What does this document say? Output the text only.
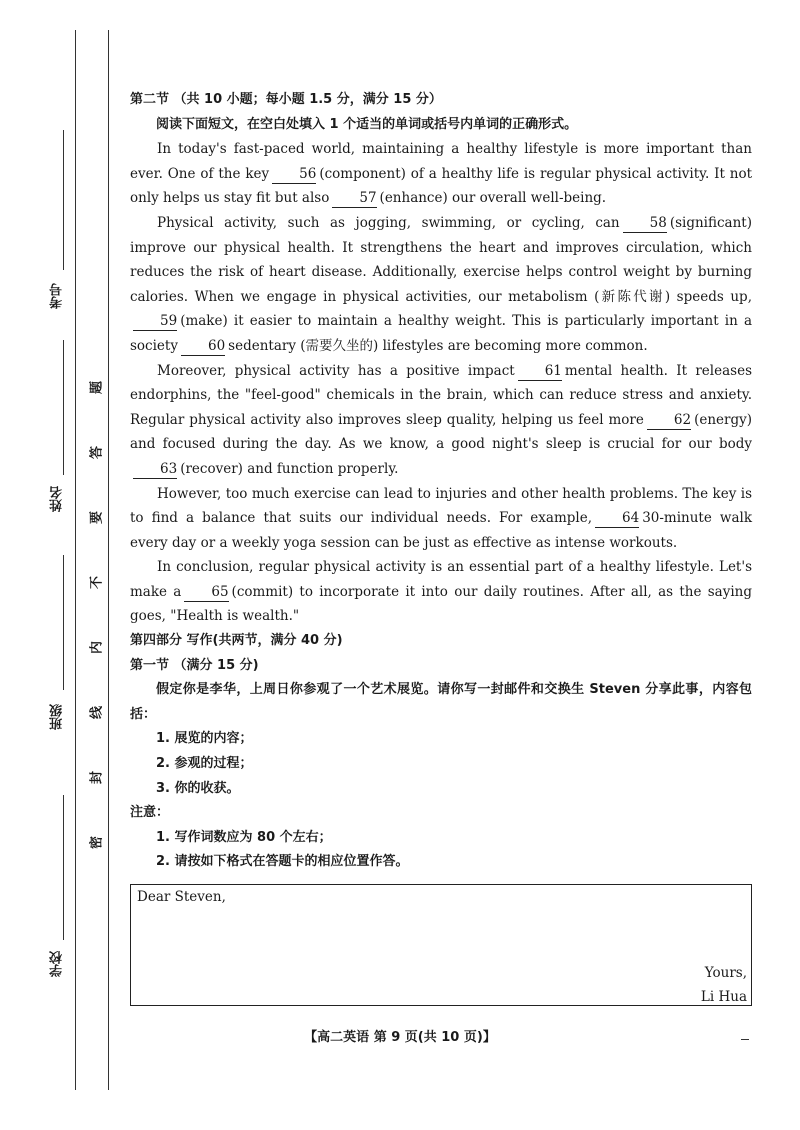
考号
姓名
班级
学校
题
答
要
不
内
线
封
密

第二节 （共 10 小题；每小题 1.5 分，满分 15 分）

阅读下面短文，在空白处填入 1 个适当的单词或括号内单词的正确形式。

In today's fast-paced world, maintaining a healthy lifestyle is more important than ever. One of the key 56 (component) of a healthy life is regular physical activity. It not only helps us stay fit but also 57 (enhance) our overall well-being.

Physical activity, such as jogging, swimming, or cycling, can 58 (significant) improve our physical health. It strengthens the heart and improves circulation, which reduces the risk of heart disease. Additionally, exercise helps control weight by burning calories. When we engage in physical activities, our metabolism (新陈代谢) speeds up,59 (make) it easier to maintain a healthy weight. This is particularly important in a society 60 sedentary (需要久坐的) lifestyles are becoming more common.

Moreover, physical activity has a positive impact 61 mental health. It releases endorphins, the "feel-good" chemicals in the brain, which can reduce stress and anxiety. Regular physical activity also improves sleep quality, helping us feel more 62 (energy) and focused during the day. As we know, a good night's sleep is crucial for our body63 (recover) and function properly.

However, too much exercise can lead to injuries and other health problems. The key is to find a balance that suits our individual needs. For example, 64 30-minute walk every day or a weekly yoga session can be just as effective as intense workouts.

In conclusion, regular physical activity is an essential part of a healthy lifestyle. Let's make a 65 (commit) to incorporate it into our daily routines. After all, as the saying goes, "Health is wealth."

第四部分 写作(共两节，满分 40 分)

第一节 （满分 15 分)

假定你是李华，上周日你参观了一个艺术展览。请你写一封邮件和交换生 Steven 分享此事，内容包括：

1. 展览的内容；

2. 参观的过程；

3. 你的收获。

注意：

1. 写作词数应为 80 个左右；

2. 请按如下格式在答题卡的相应位置作答。

Dear Steven,
Yours,
Li Hua
【高二英语 第 9 页(共 10 页)】
